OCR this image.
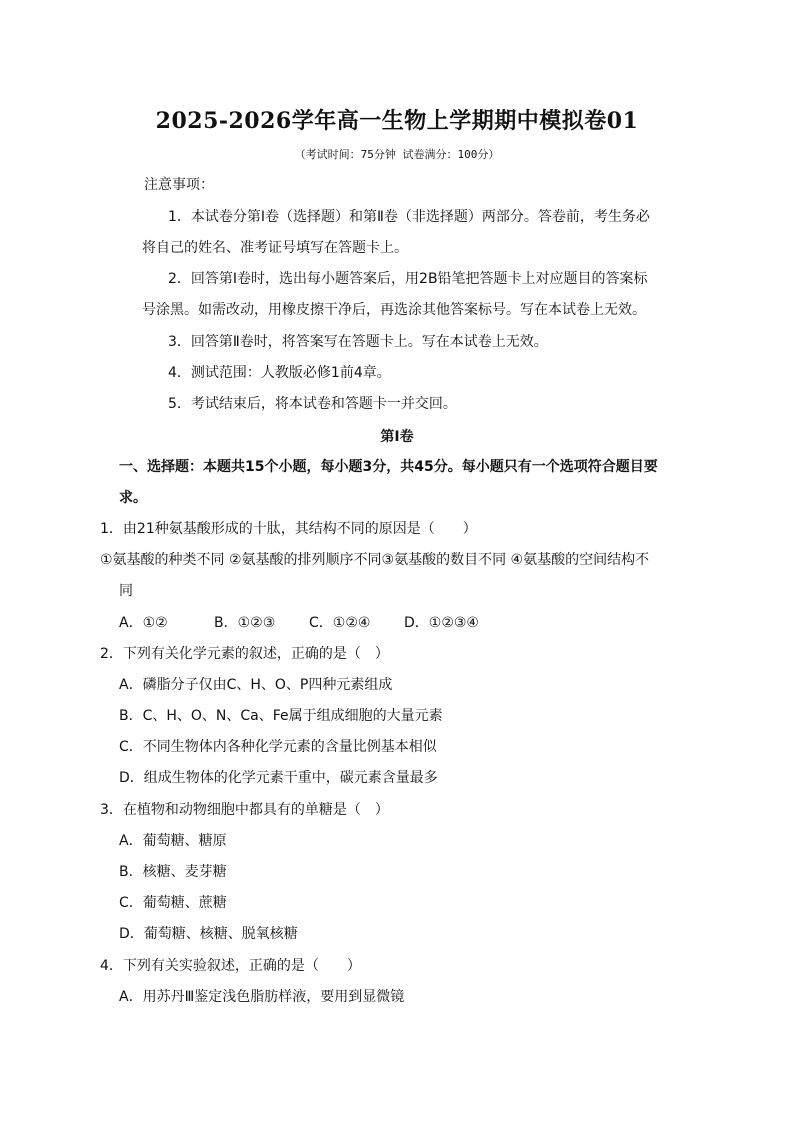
2025-2026学年高一生物上学期期中模拟卷01
（考试时间：75分钟 试卷满分：100分）
注意事项：
1．本试卷分第Ⅰ卷（选择题）和第Ⅱ卷（非选择题）两部分。答卷前，考生务必
将自己的姓名、准考证号填写在答题卡上。
2．回答第Ⅰ卷时，选出每小题答案后，用2B铅笔把答题卡上对应题目的答案标
号涂黑。如需改动，用橡皮擦干净后，再选涂其他答案标号。写在本试卷上无效。
3．回答第Ⅱ卷时，将答案写在答题卡上。写在本试卷上无效。
4．测试范围：人教版必修1前4章。
5．考试结束后，将本试卷和答题卡一并交回。
第Ⅰ卷
一、选择题：本题共15个小题，每小题3分，共45分。每小题只有一个选项符合题目要
求。
1．由21种氨基酸形成的十肽，其结构不同的原因是（　　）
①氨基酸的种类不同 ②氨基酸的排列顺序不同③氨基酸的数目不同 ④氨基酸的空间结构不
同
A．①②	B．①②③ C．①②④ D．①②③④
2．下列有关化学元素的叙述，正确的是（　）
A．磷脂分子仅由C、H、O、P四种元素组成
B．C、H、O、N、Ca、Fe属于组成细胞的大量元素
C．不同生物体内各种化学元素的含量比例基本相似
D．组成生物体的化学元素干重中，碳元素含量最多
3．在植物和动物细胞中都具有的单糖是（　）
A．葡萄糖、糖原
B．核糖、麦芽糖
C．葡萄糖、蔗糖
D．葡萄糖、核糖、脱氧核糖
4．下列有关实验叙述，正确的是（　　）
A．用苏丹Ⅲ鉴定浅色脂肪样液，要用到显微镜
